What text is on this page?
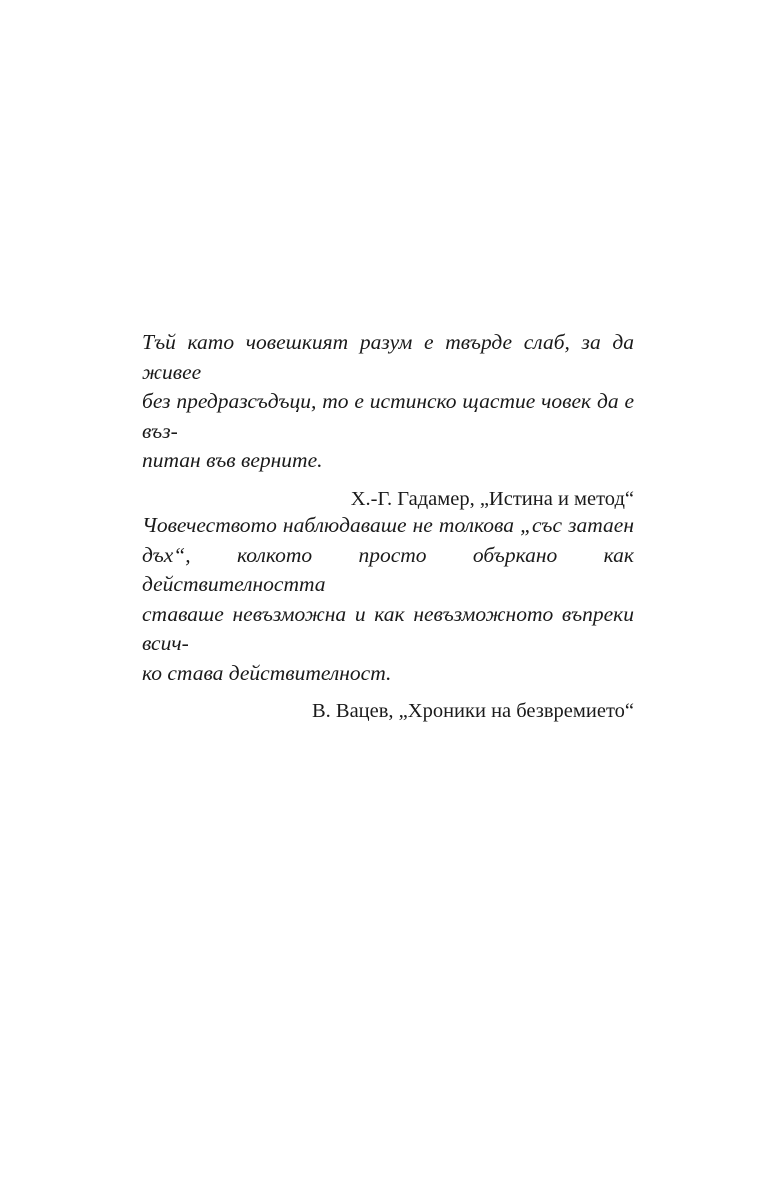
Тъй като човешкият разум е твърде слаб, за да живее
без предразсъдъци, то е истинско щастие човек да е въз-
питан във верните.

Х.-Г. Гадамер, „Истина и метод“

Човечеството наблюдаваше не толкова „със затаен
дъх“, колкото просто объркано как действителността
ставаше невъзможна и как невъзможното въпреки всич-
ко става действителност.

В. Вацев, „Хроники на безвремието“
